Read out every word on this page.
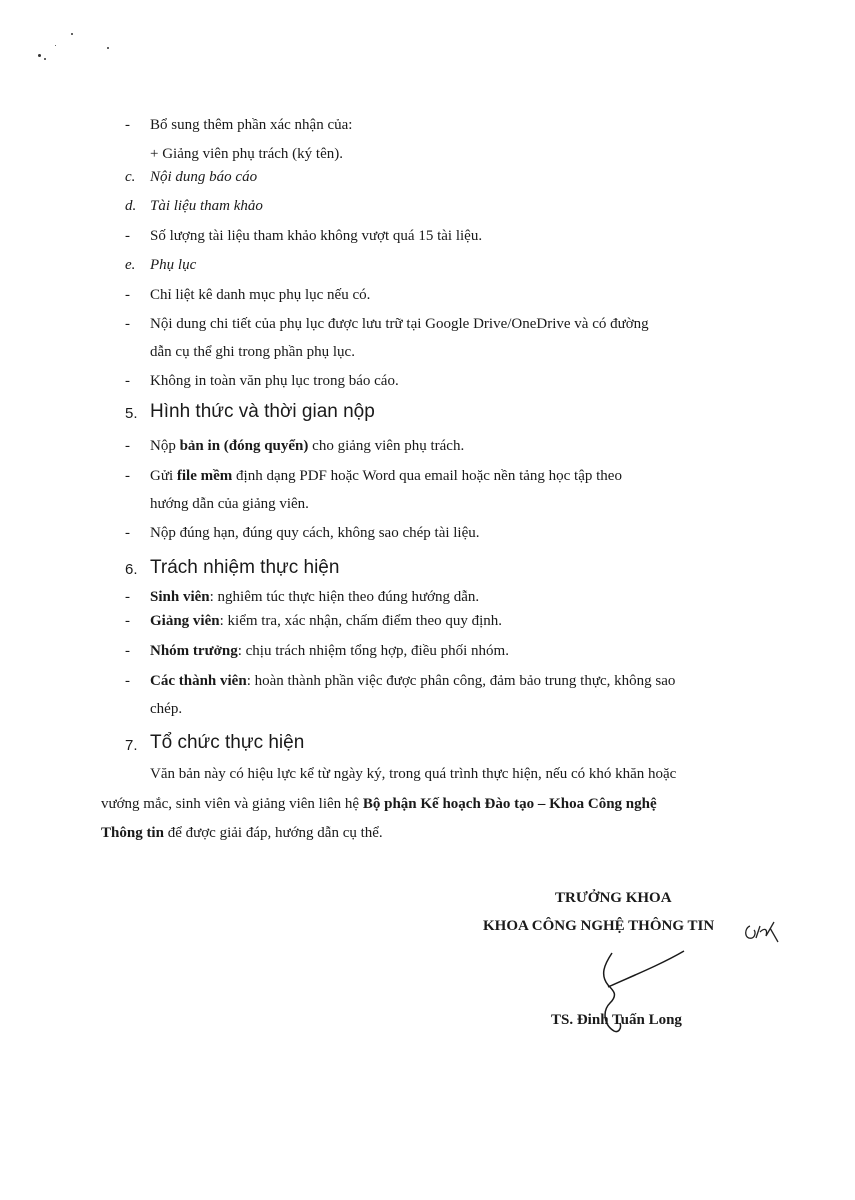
- Bổ sung thêm phần xác nhận của:
+ Giảng viên phụ trách (ký tên).
c. Nội dung báo cáo
d. Tài liệu tham khảo
- Số lượng tài liệu tham khảo không vượt quá 15 tài liệu.
e. Phụ lục
- Chỉ liệt kê danh mục phụ lục nếu có.
- Nội dung chi tiết của phụ lục được lưu trữ tại Google Drive/OneDrive và có đường
dẫn cụ thể ghi trong phần phụ lục.
- Không in toàn văn phụ lục trong báo cáo.
5. Hình thức và thời gian nộp
- Nộp bản in (đóng quyển) cho giảng viên phụ trách.
- Gửi file mềm định dạng PDF hoặc Word qua email hoặc nền tảng học tập theo
hướng dẫn của giảng viên.
- Nộp đúng hạn, đúng quy cách, không sao chép tài liệu.
6. Trách nhiệm thực hiện
- Sinh viên: nghiêm túc thực hiện theo đúng hướng dẫn.
- Giảng viên: kiểm tra, xác nhận, chấm điểm theo quy định.
- Nhóm trưởng: chịu trách nhiệm tổng hợp, điều phối nhóm.
- Các thành viên: hoàn thành phần việc được phân công, đảm bảo trung thực, không sao
chép.
7. Tổ chức thực hiện
Văn bản này có hiệu lực kể từ ngày ký, trong quá trình thực hiện, nếu có khó khăn hoặc
vướng mắc, sinh viên và giảng viên liên hệ Bộ phận Kế hoạch Đào tạo – Khoa Công nghệ
Thông tin để được giải đáp, hướng dẫn cụ thể.
TRƯỞNG KHOA
KHOA CÔNG NGHỆ THÔNG TIN
TS. Đinh Tuấn Long
